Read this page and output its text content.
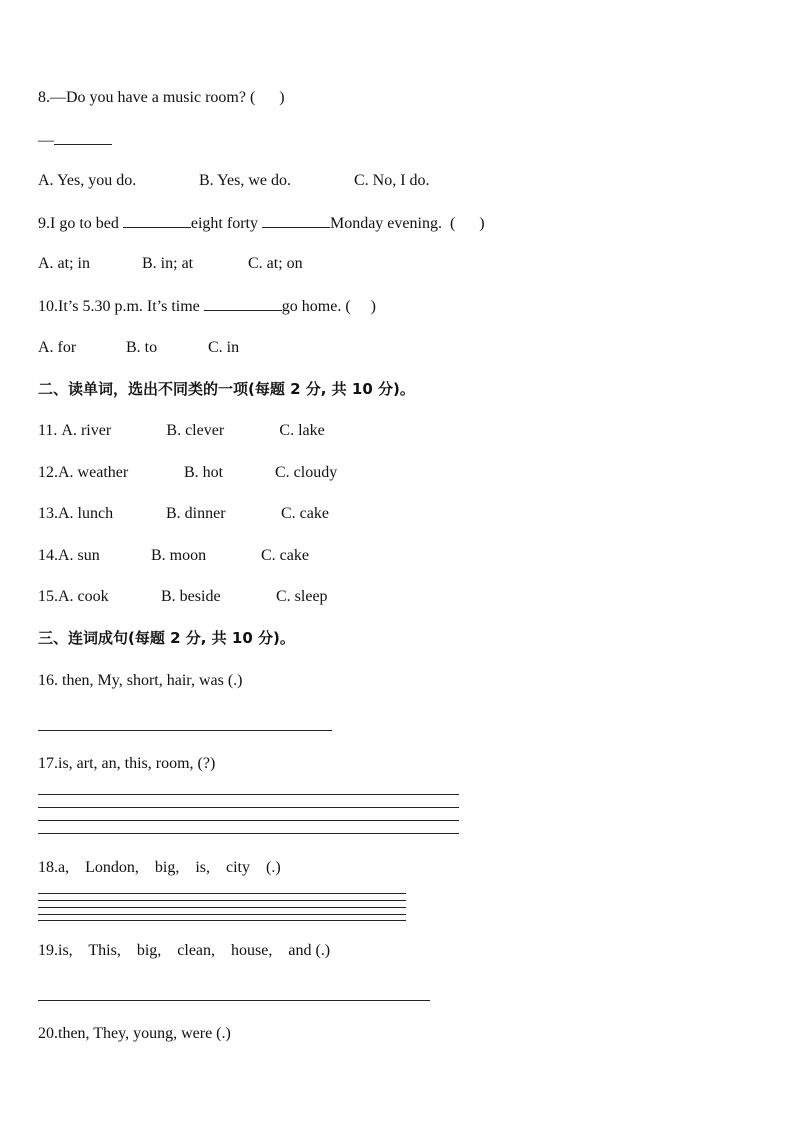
8.—Do you have a music room? (      )
—
A. Yes, you do.	B. Yes, we do.	C. No, I do.
9.I go to bed	eight forty	Monday evening.  (      )
A. at; in	B. in; at	C. at; on
10.It’s 5.30 p.m. It’s time	go home. (     )
A. for	B. to	C. in
二、读单词，选出不同类的一项(每题 2 分, 共 10 分)。
11. A. river	B. clever	C. lake
12.A. weather	B. hot	C. cloudy
13.A. lunch	B. dinner	C. cake
14.A. sun	B. moon	C. cake
15.A. cook	B. beside	C. sleep
三、连词成句(每题 2 分, 共 10 分)。
16. then, My, short, hair, was (.)
17.is, art, an, this, room, (?)
18.a,    London,    big,    is,    city    (.)
19.is,    This,    big,    clean,    house,    and (.)
20.then, They, young, were (.)
